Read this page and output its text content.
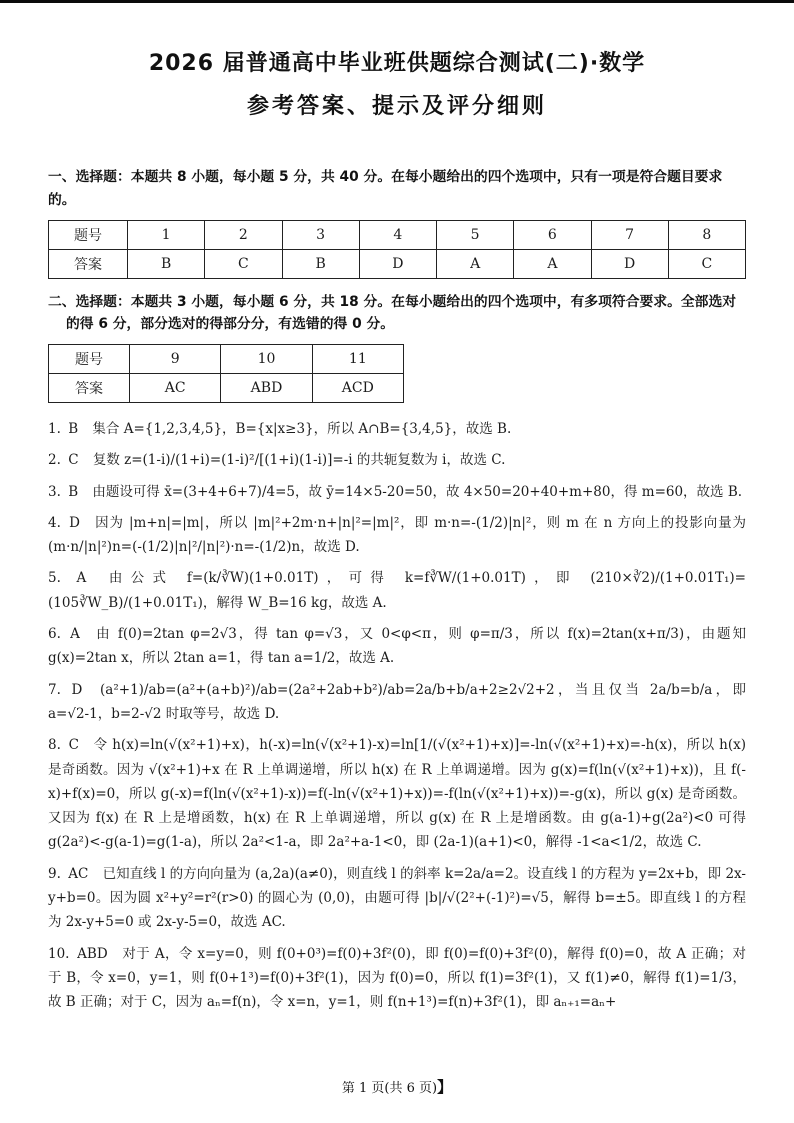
2026 届普通高中毕业班供题综合测试(二)·数学
参考答案、提示及评分细则

一、选择题：本题共 8 小题，每小题 5 分，共 40 分。在每小题给出的四个选项中，只有一项是符合题目要求的。

题号	1	2	3	4	5	6	7	8
答案	B	C	B	D	A	A	D	C

二、选择题：本题共 3 小题，每小题 6 分，共 18 分。在每小题给出的四个选项中，有多项符合要求。全部选对的得 6 分，部分选对的得部分分，有选错的得 0 分。

题号	9	10	11
答案	AC	ABD	ACD

1. B 集合 A={1,2,3,4,5}，B={x|x≥3}，所以 A∩B={3,4,5}，故选 B.

2. C 复数 z=(1-i)/(1+i)=(1-i)²/[(1+i)(1-i)]=-i 的共轭复数为 i，故选 C.

3. B 由题设可得 x̄=(3+4+6+7)/4=5，故 ȳ=14×5-20=50，故 4×50=20+40+m+80，得 m=60，故选 B.

4. D 因为 |m+n|=|m|，所以 |m|²+2m·n+|n|²=|m|²，即 m·n=-(1/2)|n|²，则 m 在 n 方向上的投影向量为 (m·n/|n|²)n=(-(1/2)|n|²/|n|²)·n=-(1/2)n，故选 D.

5. A 由公式 f=(k/∛W)(1+0.01T)，可得 k=f∛W/(1+0.01T)，即 (210×∛2)/(1+0.01T₁)=(105∛W_B)/(1+0.01T₁)，解得 W_B=16 kg，故选 A.

6. A 由 f(0)=2tan φ=2√3，得 tan φ=√3，又 0<φ<π，则 φ=π/3，所以 f(x)=2tan(x+π/3)，由题知 g(x)=2tan x，所以 2tan a=1，得 tan a=1/2，故选 A.

7. D (a²+1)/ab=(a²+(a+b)²)/ab=(2a²+2ab+b²)/ab=2a/b+b/a+2≥2√2+2，当且仅当 2a/b=b/a，即 a=√2-1，b=2-√2 时取等号，故选 D.

8. C 令 h(x)=ln(√(x²+1)+x)，h(-x)=ln(√(x²+1)-x)=ln[1/(√(x²+1)+x)]=-ln(√(x²+1)+x)=-h(x)，所以 h(x) 是奇函数。因为 √(x²+1)+x 在 R 上单调递增，所以 h(x) 在 R 上单调递增。因为 g(x)=f(ln(√(x²+1)+x))，且 f(-x)+f(x)=0，所以 g(-x)=f(ln(√(x²+1)-x))=f(-ln(√(x²+1)+x))=-f(ln(√(x²+1)+x))=-g(x)，所以 g(x) 是奇函数。又因为 f(x) 在 R 上是增函数，h(x) 在 R 上单调递增，所以 g(x) 在 R 上是增函数。由 g(a-1)+g(2a²)<0 可得 g(2a²)<-g(a-1)=g(1-a)，所以 2a²<1-a，即 2a²+a-1<0，即 (2a-1)(a+1)<0，解得 -1<a<1/2，故选 C.

9. AC 已知直线 l 的方向向量为 (a,2a)(a≠0)，则直线 l 的斜率 k=2a/a=2。设直线 l 的方程为 y=2x+b，即 2x-y+b=0。因为圆 x²+y²=r²(r>0) 的圆心为 (0,0)，由题可得 |b|/√(2²+(-1)²)=√5，解得 b=±5。即直线 l 的方程为 2x-y+5=0 或 2x-y-5=0，故选 AC.

10. ABD 对于 A，令 x=y=0，则 f(0+0³)=f(0)+3f²(0)，即 f(0)=f(0)+3f²(0)，解得 f(0)=0，故 A 正确；对于 B，令 x=0，y=1，则 f(0+1³)=f(0)+3f²(1)，因为 f(0)=0，所以 f(1)=3f²(1)，又 f(1)≠0，解得 f(1)=1/3，故 B 正确；对于 C，因为 aₙ=f(n)，令 x=n，y=1，则 f(n+1³)=f(n)+3f²(1)，即 aₙ₊₁=aₙ+

第 1 页(共 6 页)】
